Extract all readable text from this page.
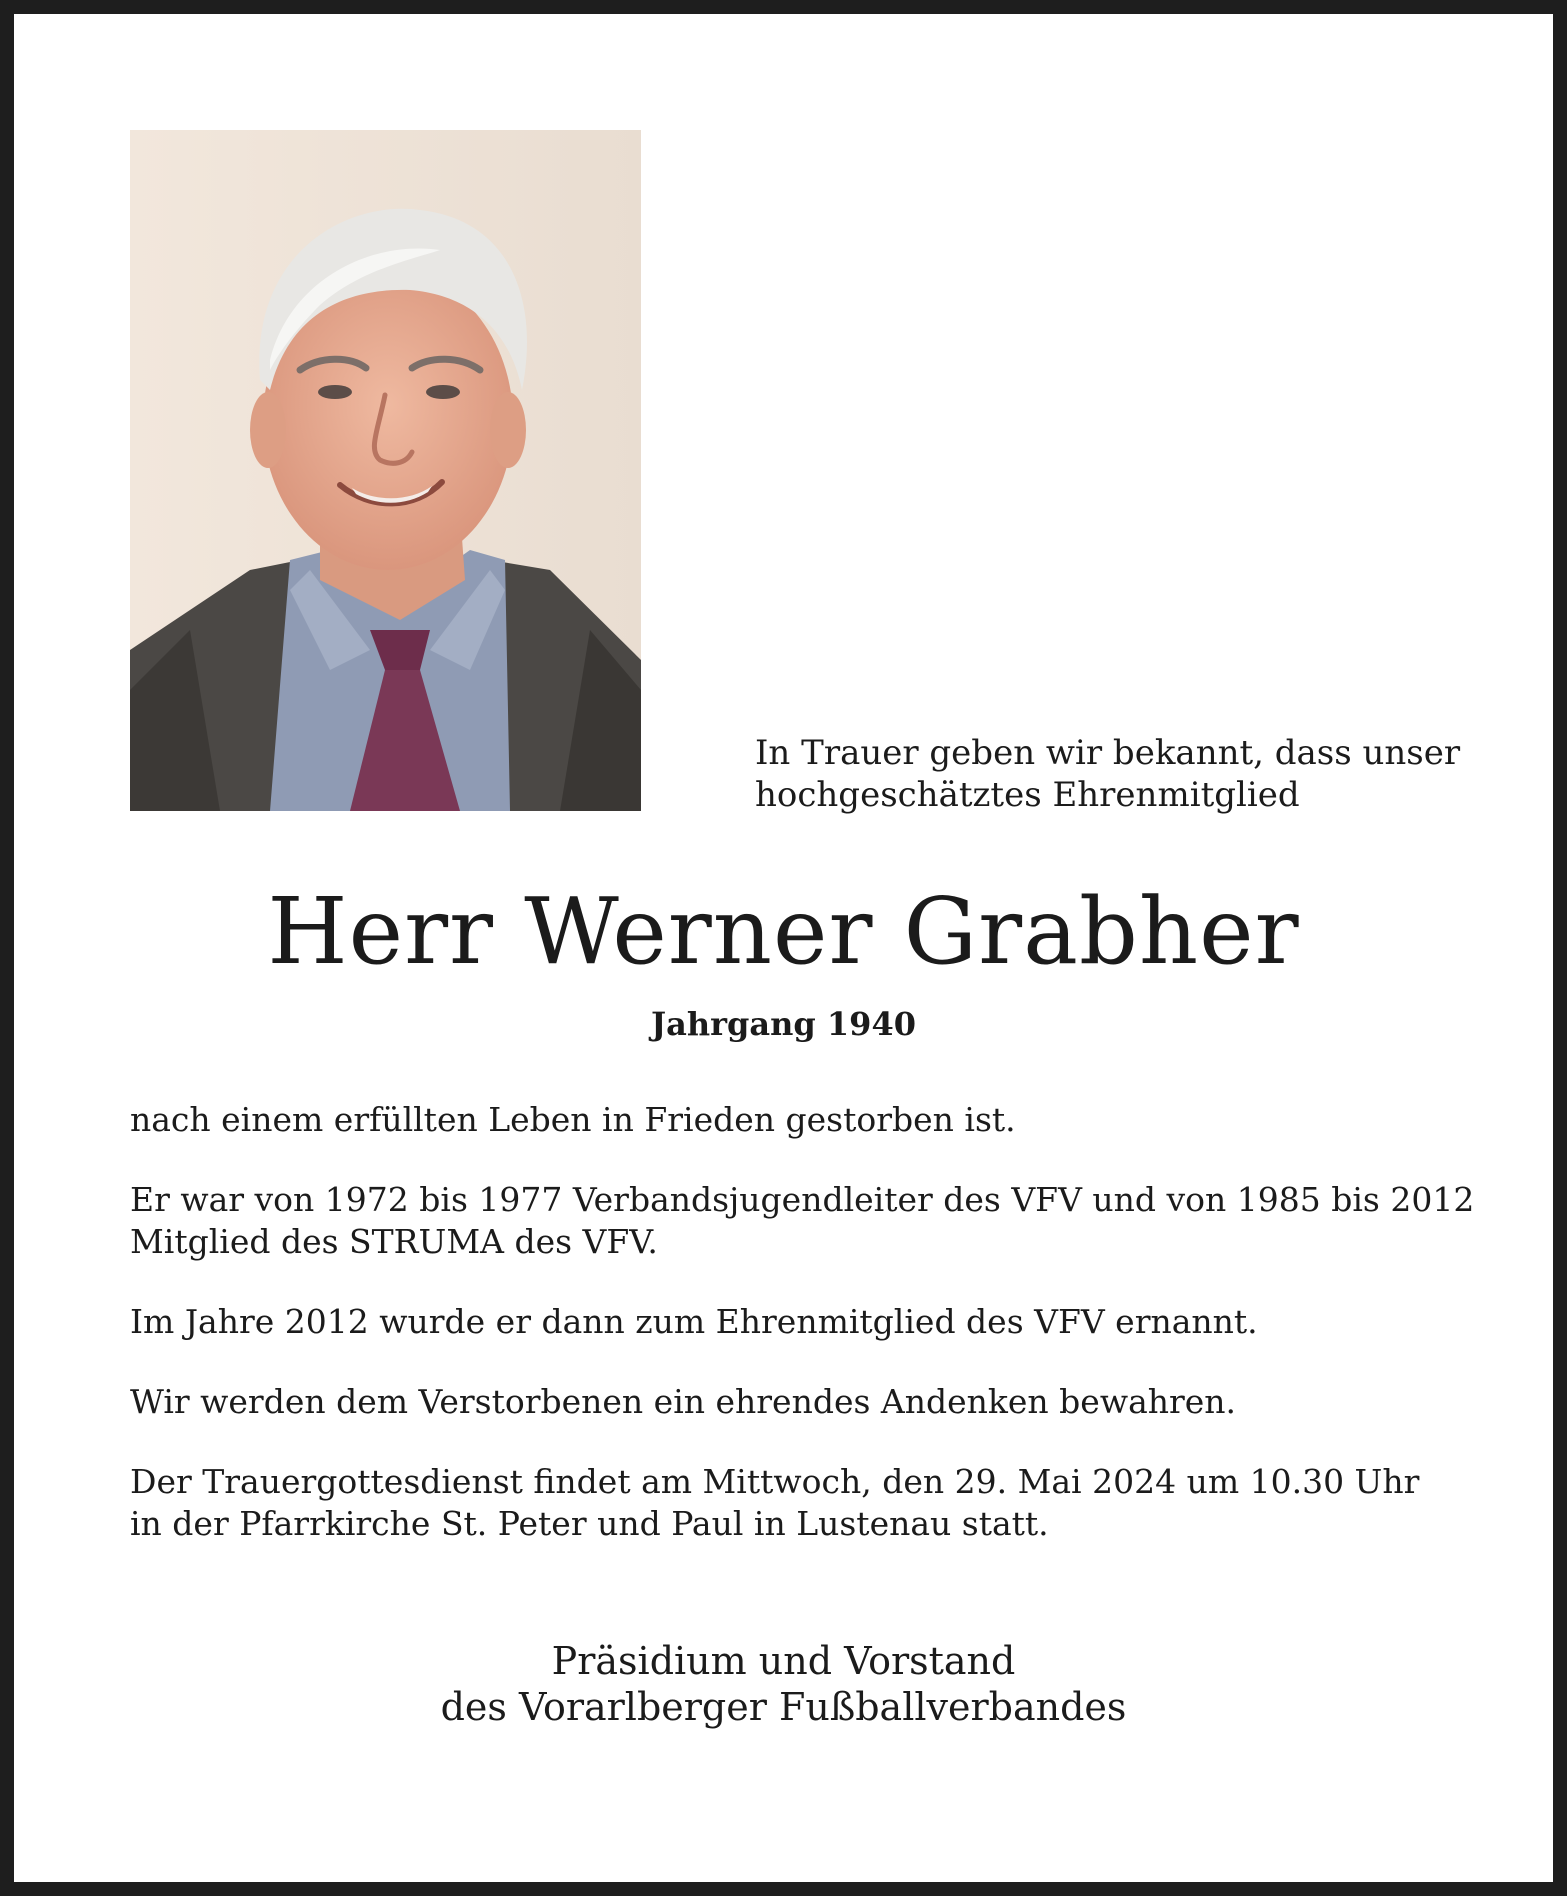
In Trauer geben wir bekannt, dass unser
hochgeschätztes Ehrenmitglied
Herr Werner Grabher
Jahrgang 1940
nach einem erfüllten Leben in Frieden gestorben ist.
Er war von 1972 bis 1977 Verbandsjugendleiter des VFV und von 1985 bis 2012
Mitglied des STRUMA des VFV.
Im Jahre 2012 wurde er dann zum Ehrenmitglied des VFV ernannt.
Wir werden dem Verstorbenen ein ehrendes Andenken bewahren.
Der Trauergottesdienst findet am Mittwoch, den 29. Mai 2024 um 10.30 Uhr
in der Pfarrkirche St. Peter und Paul in Lustenau statt.
Präsidium und Vorstand
des Vorarlberger Fußballverbandes
